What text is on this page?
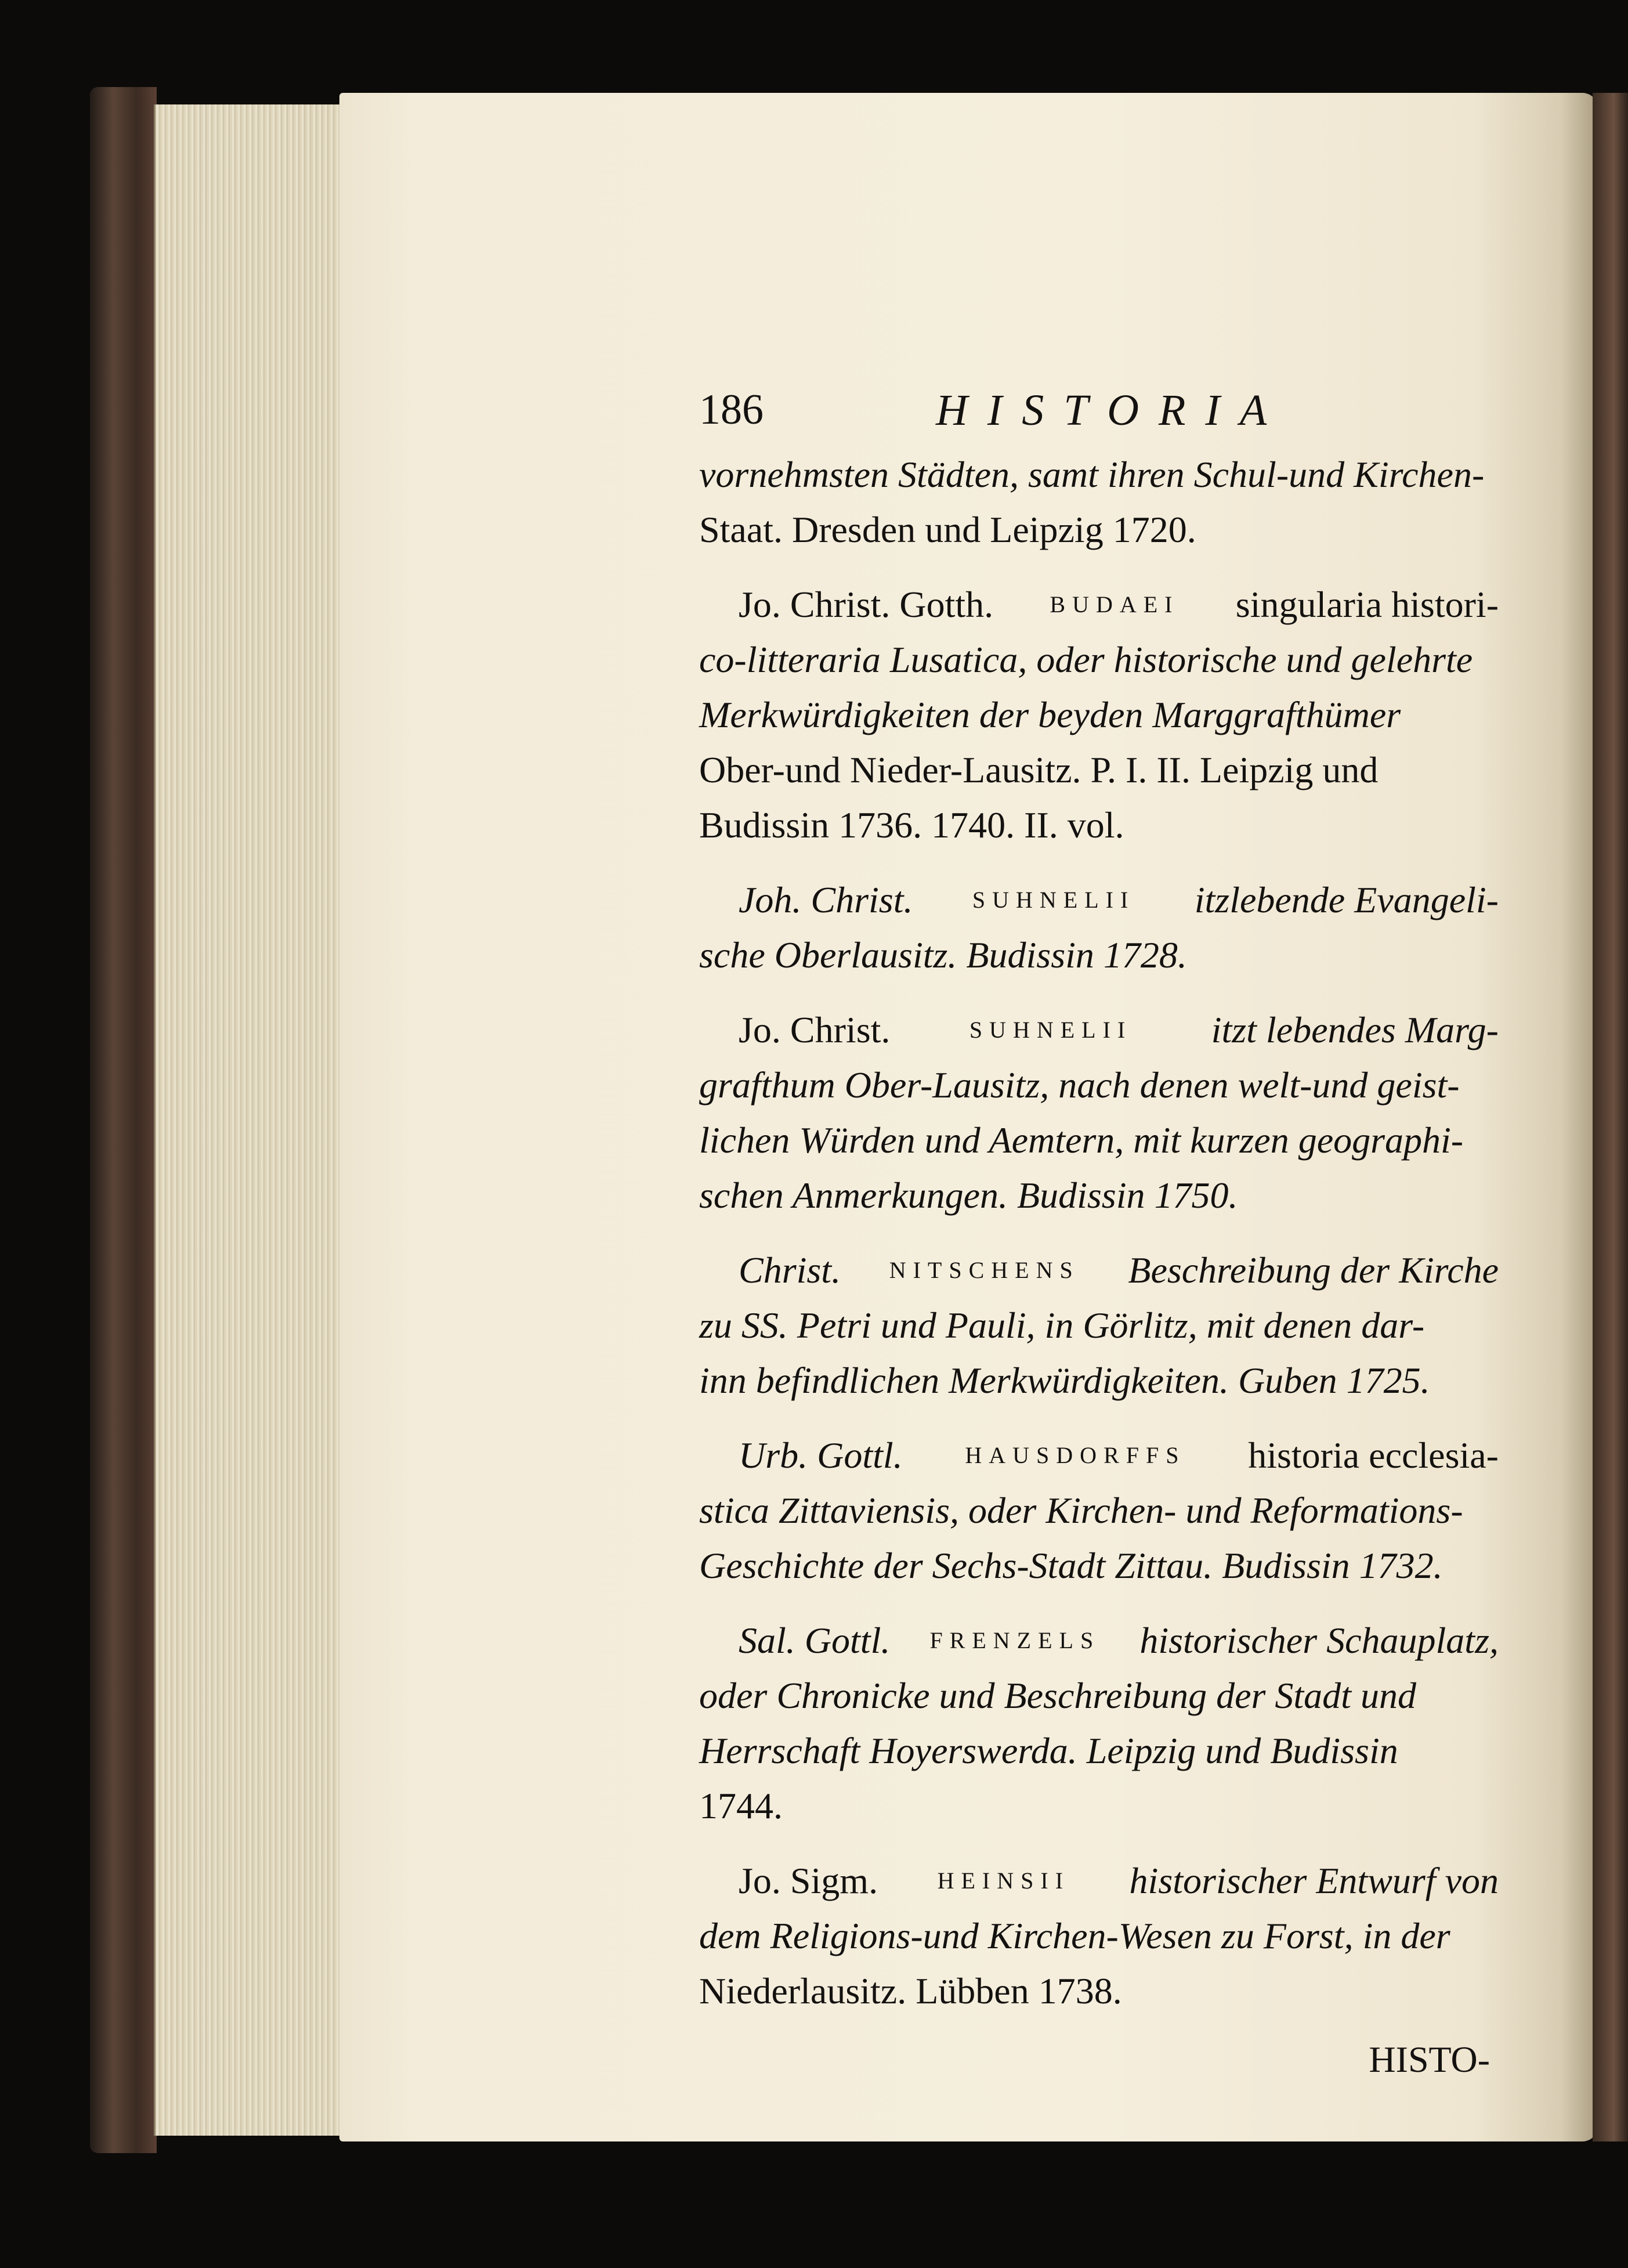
186	HISTORIA
vornehmsten Städten, samt ihren Schul-und Kirchen-
Staat. Dresden und Leipzig 1720.
Jo. Christ. Gotth. BUDAEI singularia histori-
co-litteraria Lusatica, oder historische und gelehrte
Merkwürdigkeiten der beyden Marggrafthümer
Ober-und Nieder-Lausitz. P. I. II. Leipzig und
Budissin 1736. 1740. II. vol.
Joh. Christ.	SUHNELII itzlebende Evangeli-
sche Oberlausitz. Budissin 1728.
Jo. Christ.	SUHNELII itzt lebendes Marg-
grafthum Ober-Lausitz, nach denen welt-und geist-
lichen Würden und Aemtern, mit kurzen geographi-
schen Anmerkungen. Budissin 1750.
Christ. NITSCHENS Beschreibung der Kirche
zu SS. Petri und Pauli, in Görlitz, mit denen dar-
inn befindlichen Merkwürdigkeiten. Guben 1725.
Urb. Gottl.	HAUSDORFFS historia ecclesia-
stica Zittaviensis, oder Kirchen- und Reformations-
Geschichte der Sechs-Stadt Zittau. Budissin 1732.
Sal. Gottl. FRENZELS historischer Schauplatz,
oder Chronicke und Beschreibung der Stadt und
Herrschaft Hoyerswerda. Leipzig und Budissin
1744.
Jo. Sigm.	HEINSII historischer Entwurf von
dem Religions-und Kirchen-Wesen zu Forst, in der
Niederlausitz. Lübben 1738.
HISTO-
